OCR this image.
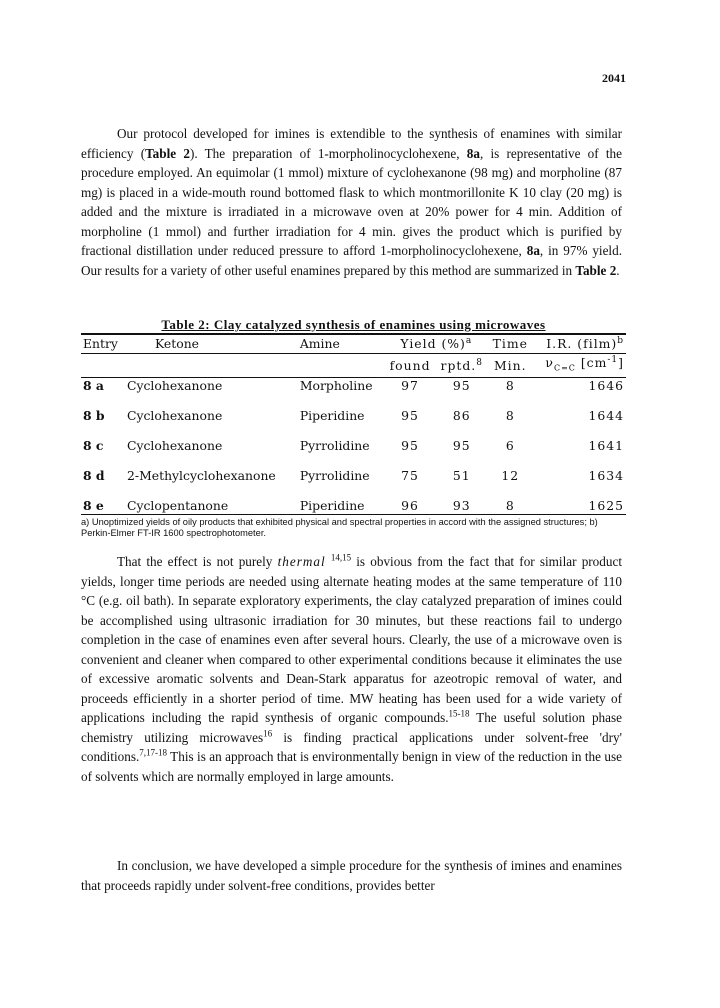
2041

Our protocol developed for imines is extendible to the synthesis of enamines with similar efficiency (Table 2). The preparation of 1-morpholinocyclohexene, 8a, is representative of the procedure employed. An equimolar (1 mmol) mixture of cyclohexanone (98 mg) and morpholine (87 mg) is placed in a wide-mouth round bottomed flask to which montmorillonite K 10 clay (20 mg) is added and the mixture is irradiated in a microwave oven at 20% power for 4 min. Addition of morpholine (1 mmol) and further irradiation for 4 min. gives the product which is purified by fractional distillation under reduced pressure to afford 1-morpholinocyclohexene, 8a, in 97% yield. Our results for a variety of other useful enamines prepared by this method are summarized in Table 2.

Table 2: Clay catalyzed synthesis of enamines using microwaves
Entry	Ketone	Amine	Yield (%)$^a$		Time	I.R. (film)$^b$
			found	rptd.$^8$	Min.	$\nu_{C=C}$ $[cm^{-1}]$
8 a	Cyclohexanone	Morpholine	97	95	8	1646
8 b	Cyclohexanone	Piperidine	95	86	8	1644
8 c	Cyclohexanone	Pyrrolidine	95	95	6	1641
8 d	2-Methylcyclohexanone	Pyrrolidine	75	51	12	1634
8 e	Cyclopentanone	Piperidine	96	93	8	1625
a) Unoptimized yields of oily products that exhibited physical and spectral properties in accord with the assigned structures; b) Perkin-Elmer FT-IR 1600 spectrophotometer.

That the effect is not purely thermal $^{14,15}$ is obvious from the fact that for similar product yields, longer time periods are needed using alternate heating modes at the same temperature of 110 °C (e.g. oil bath). In separate exploratory experiments, the clay catalyzed preparation of imines could be accomplished using ultrasonic irradiation for 30 minutes, but these reactions fail to undergo completion in the case of enamines even after several hours. Clearly, the use of a microwave oven is convenient and cleaner when compared to other experimental conditions because it eliminates the use of excessive aromatic solvents and Dean-Stark apparatus for azeotropic removal of water, and proceeds efficiently in a shorter period of time. MW heating has been used for a wide variety of applications including the rapid synthesis of organic compounds.$^{15-18}$ The useful solution phase chemistry utilizing microwaves$^{16}$ is finding practical applications under solvent-free 'dry' conditions.$^{7,17-18}$ This is an approach that is environmentally benign in view of the reduction in the use of solvents which are normally employed in large amounts.

In conclusion, we have developed a simple procedure for the synthesis of imines and enamines that proceeds rapidly under solvent-free conditions, provides better
